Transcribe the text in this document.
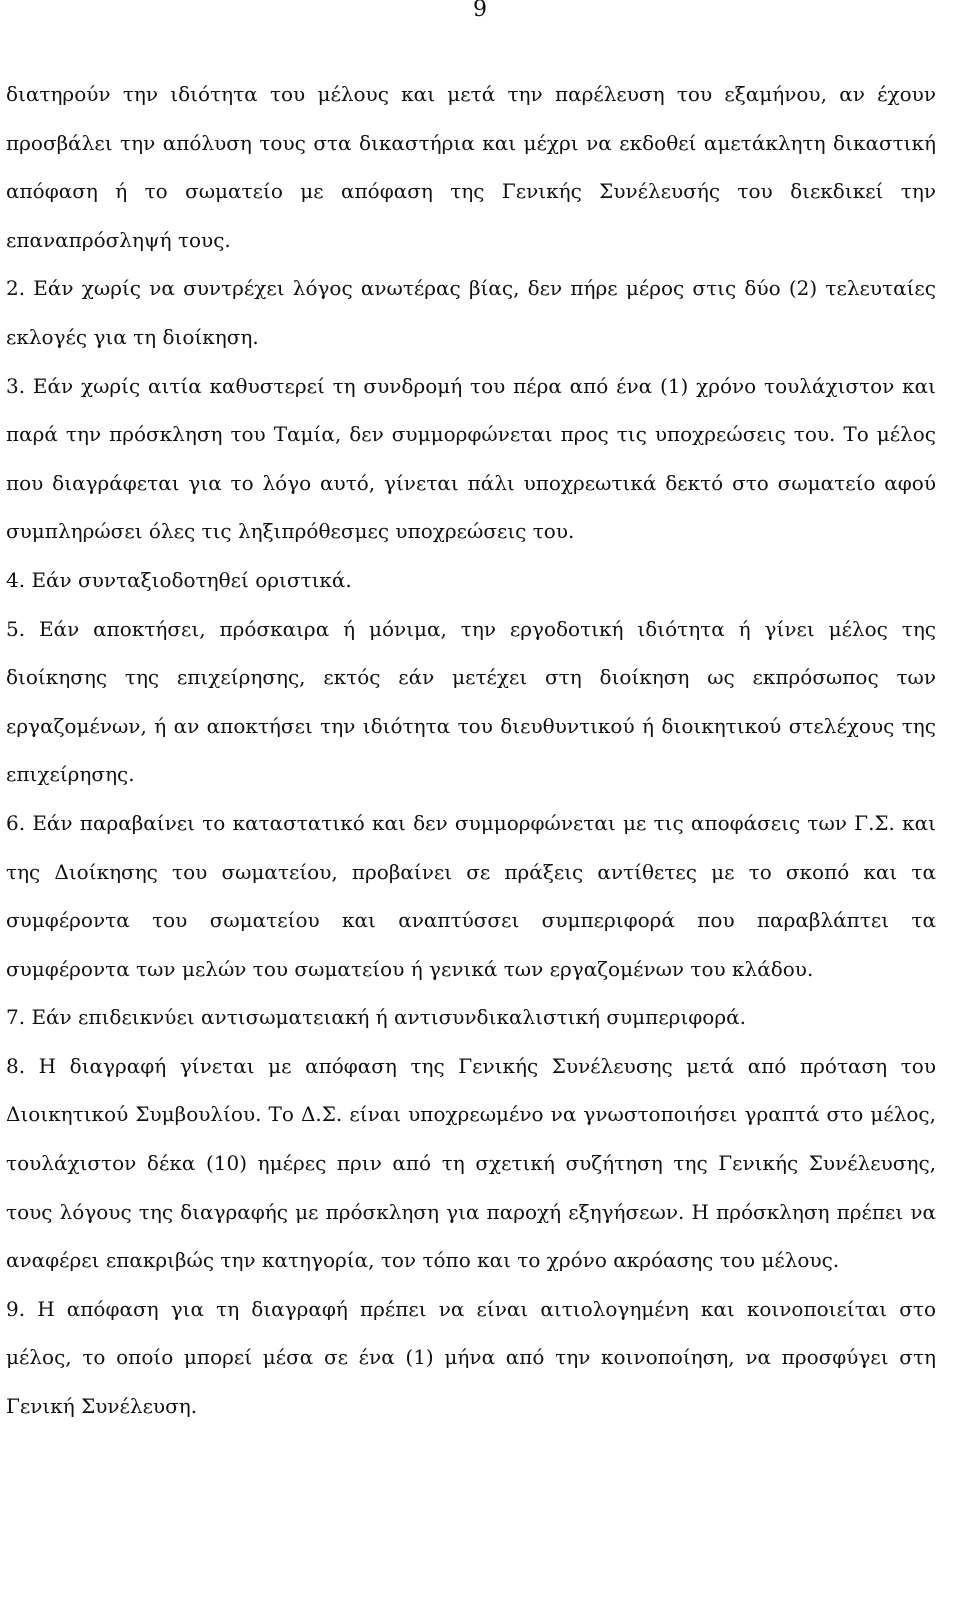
9

διατηρούν την ιδιότητα του μέλους και μετά την παρέλευση του εξαμήνου, αν έχουν προσβάλει την απόλυση τους στα δικαστήρια και μέχρι να εκδοθεί αμετάκλητη δικαστική απόφαση ή το σωματείο με απόφαση της Γενικής Συνέλευσής του διεκδικεί την επαναπρόσληψή τους.

2. Εάν χωρίς να συντρέχει λόγος ανωτέρας βίας, δεν πήρε μέρος στις δύο (2) τελευταίες εκλογές για τη διοίκηση.

3. Εάν χωρίς αιτία καθυστερεί τη συνδρομή του πέρα από ένα (1) χρόνο τουλάχιστον και παρά την πρόσκληση του Ταμία, δεν συμμορφώνεται προς τις υποχρεώσεις του. Το μέλος που διαγράφεται για το λόγο αυτό, γίνεται πάλι υποχρεωτικά δεκτό στο σωματείο αφού συμπληρώσει όλες τις ληξιπρόθεσμες υποχρεώσεις του.

4. Εάν συνταξιοδοτηθεί οριστικά.

5. Εάν αποκτήσει, πρόσκαιρα ή μόνιμα, την εργοδοτική ιδιότητα ή γίνει μέλος της διοίκησης της επιχείρησης, εκτός εάν μετέχει στη διοίκηση ως εκπρόσωπος των εργαζομένων, ή αν αποκτήσει την ιδιότητα του διευθυντικού ή διοικητικού στελέχους της επιχείρησης.

6. Εάν παραβαίνει το καταστατικό και δεν συμμορφώνεται με τις αποφάσεις των Γ.Σ. και της Διοίκησης του σωματείου, προβαίνει σε πράξεις αντίθετες με το σκοπό και τα συμφέροντα του σωματείου και αναπτύσσει συμπεριφορά που παραβλάπτει τα συμφέροντα των μελών του σωματείου ή γενικά των εργαζομένων του κλάδου.

7. Εάν επιδεικνύει αντισωματειακή ή αντισυνδικαλιστική συμπεριφορά.

8. Η διαγραφή γίνεται με απόφαση της Γενικής Συνέλευσης μετά από πρόταση του Διοικητικού Συμβουλίου. Το Δ.Σ. είναι υποχρεωμένο να γνωστοποιήσει γραπτά στο μέλος, τουλάχιστον δέκα (10) ημέρες πριν από τη σχετική συζήτηση της Γενικής Συνέλευσης, τους λόγους της διαγραφής με πρόσκληση για παροχή εξηγήσεων. Η πρόσκληση πρέπει να αναφέρει επακριβώς την κατηγορία, τον τόπο και το χρόνο ακρόασης του μέλους.

9. Η απόφαση για τη διαγραφή πρέπει να είναι αιτιολογημένη και κοινοποιείται στο μέλος, το οποίο μπορεί μέσα σε ένα (1) μήνα από την κοινοποίηση, να προσφύγει στη Γενική Συνέλευση.
